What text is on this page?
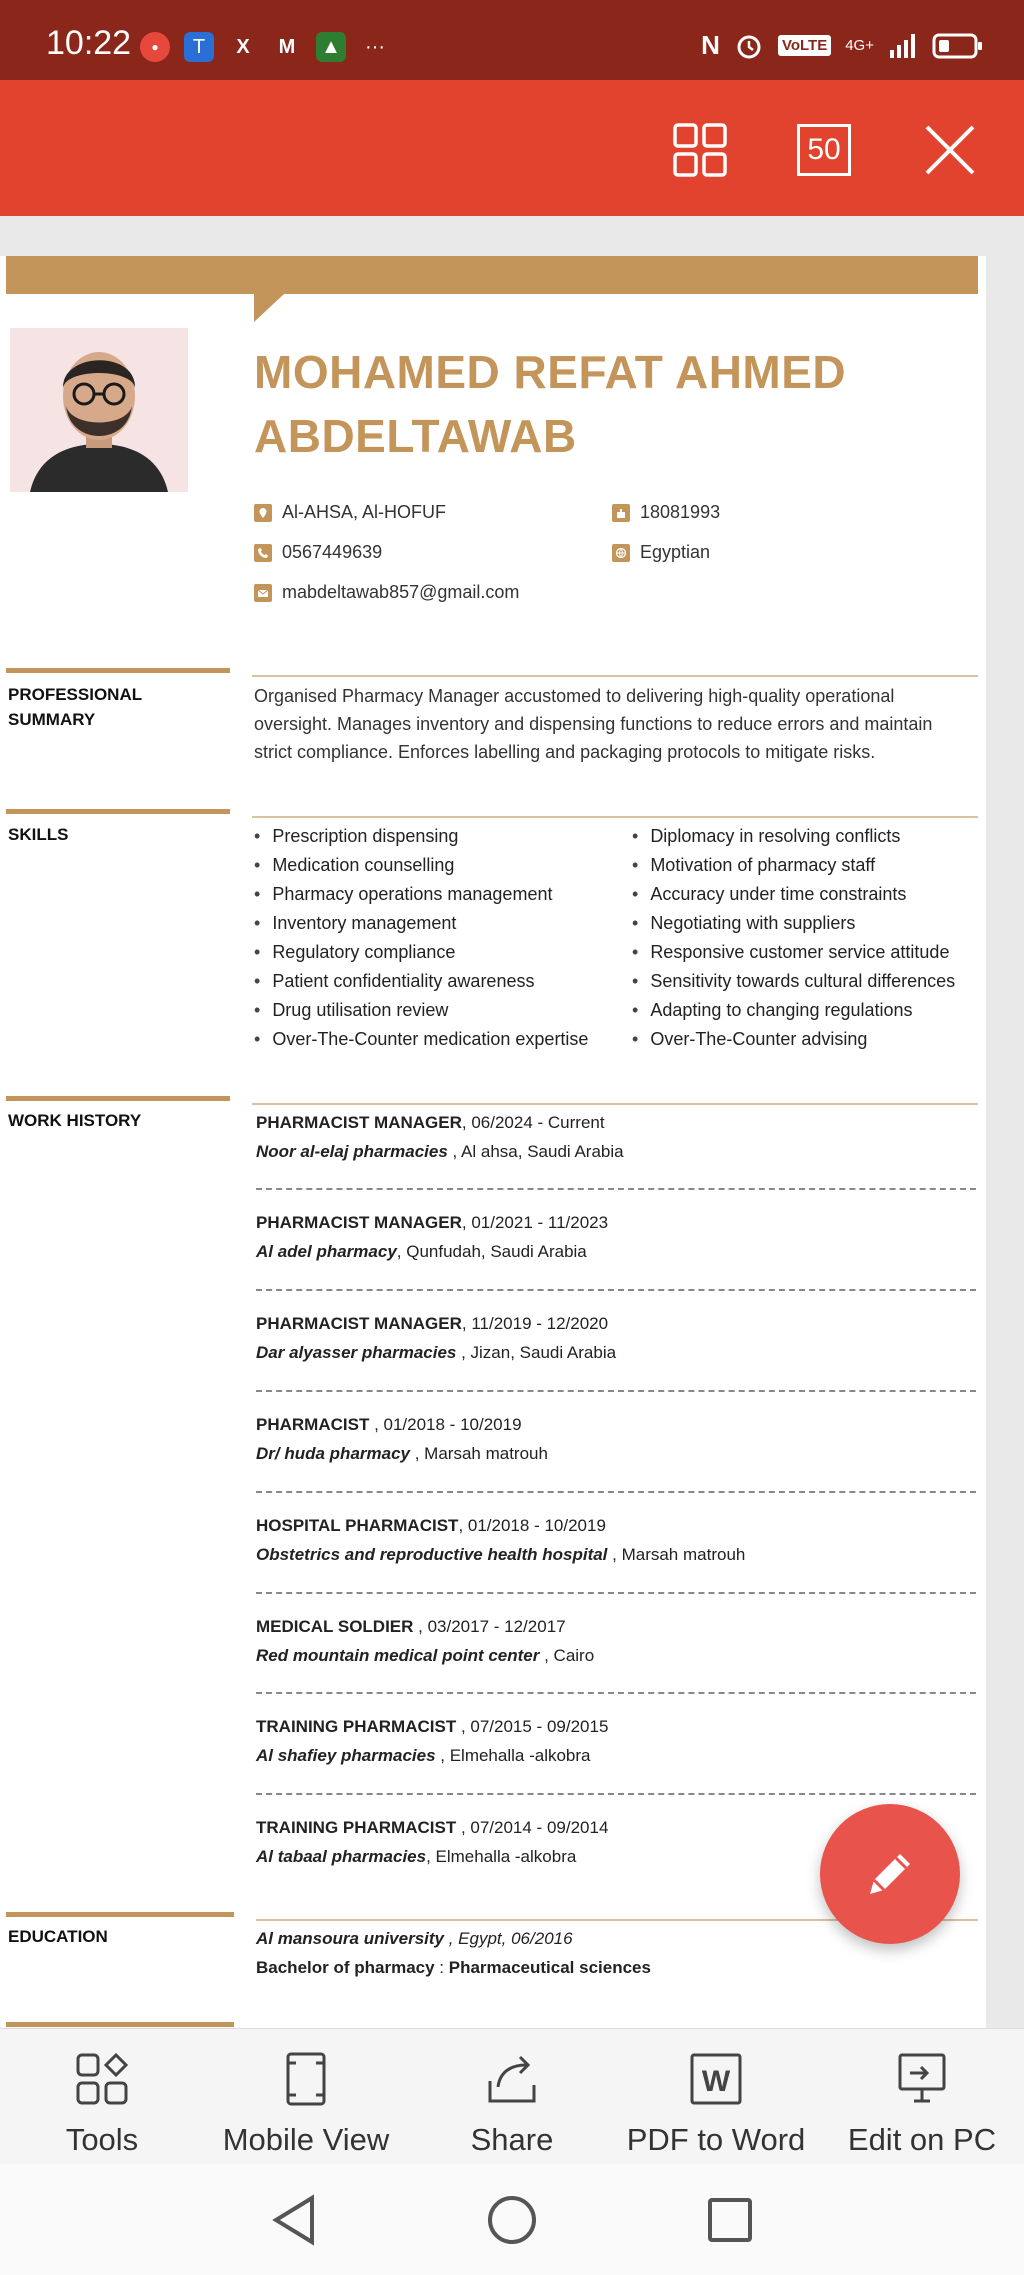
10:22	●	T	X	M	▲ ···	N	VoLTE 4G+
50
MOHAMED REFAT AHMED
ABDELTAWAB
Al-AHSA, Al-HOFUF
0567449639
mabdeltawab857@gmail.com
18081993
Egyptian
PROFESSIONAL
SUMMARY
Organised Pharmacy Manager accustomed to delivering high-quality operational oversight. Manages inventory and dispensing functions to reduce errors and maintain strict compliance. Enforces labelling and packaging protocols to mitigate risks.
SKILLS	• Prescription dispensing
• Medication counselling
• Pharmacy operations management
• Inventory management
• Regulatory compliance
• Patient confidentiality awareness
• Drug utilisation review
• Over-The-Counter medication expertise
• Diplomacy in resolving conflicts
• Motivation of pharmacy staff
• Accuracy under time constraints
• Negotiating with suppliers
• Responsive customer service attitude
• Sensitivity towards cultural differences
• Adapting to changing regulations
• Over-The-Counter advising
WORK HISTORY	PHARMACIST MANAGER, 06/2024 - Current
Noor al-elaj pharmacies , Al ahsa, Saudi Arabia
PHARMACIST MANAGER, 01/2021 - 11/2023
Al adel pharmacy, Qunfudah, Saudi Arabia
PHARMACIST MANAGER, 11/2019 - 12/2020
Dar alyasser pharmacies , Jizan, Saudi Arabia
PHARMACIST , 01/2018 - 10/2019
Dr/ huda pharmacy , Marsah matrouh
HOSPITAL PHARMACIST, 01/2018 - 10/2019
Obstetrics and reproductive health hospital , Marsah matrouh
MEDICAL SOLDIER , 03/2017 - 12/2017
Red mountain medical point center , Cairo
TRAINING PHARMACIST , 07/2015 - 09/2015
Al shafiey pharmacies , Elmehalla -alkobra
TRAINING PHARMACIST , 07/2014 - 09/2014
Al tabaal pharmacies, Elmehalla -alkobra
EDUCATION	Al mansoura university , Egypt, 06/2016
Bachelor of pharmacy : Pharmaceutical sciences
Tools	Mobile View	Share
W
PDF to Word	Edit on PC
